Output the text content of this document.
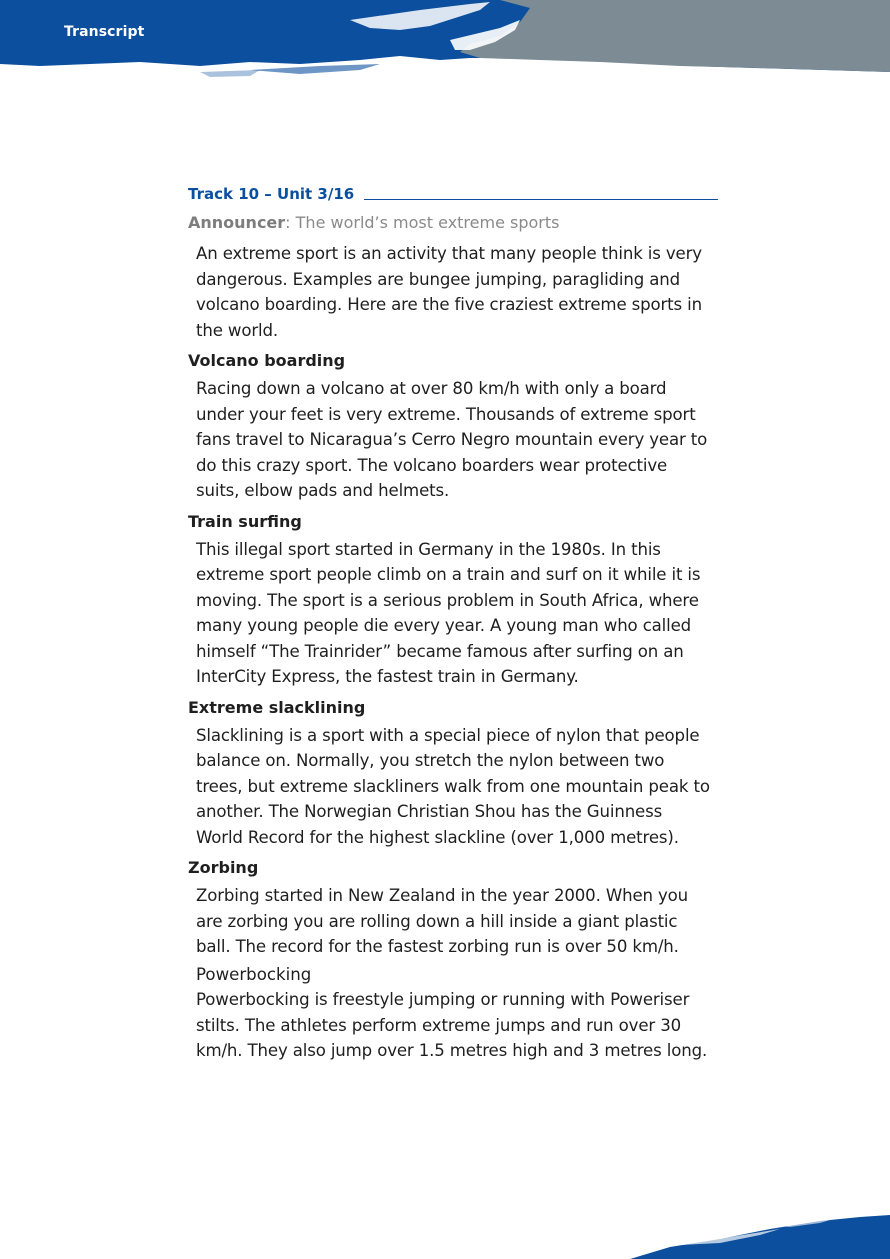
Transcript
Track 10 – Unit 3/16
Announcer: The world’s most extreme sports
An extreme sport is an activity that many people think is very dangerous. Examples are bungee jumping, paragliding and volcano boarding. Here are the five craziest extreme sports in the world.
Volcano boarding
Racing down a volcano at over 80 km/h with only a board under your feet is very extreme. Thousands of extreme sport fans travel to Nicaragua’s Cerro Negro mountain every year to do this crazy sport. The volcano boarders wear protective suits, elbow pads and helmets.
Train surfing
This illegal sport started in Germany in the 1980s. In this extreme sport people climb on a train and surf on it while it is moving. The sport is a serious problem in South Africa, where many young people die every year. A young man who called himself “The Trainrider” became famous after surfing on an InterCity Express, the fastest train in Germany.
Extreme slacklining
Slacklining is a sport with a special piece of nylon that people balance on. Normally, you stretch the nylon between two trees, but extreme slackliners walk from one mountain peak to another. The Norwegian Christian Shou has the Guinness World Record for the highest slackline (over 1,000 metres).
Zorbing
Zorbing started in New Zealand in the year 2000. When you are zorbing you are rolling down a hill inside a giant plastic ball. The record for the fastest zorbing run is over 50 km/h.
Powerbocking
Powerbocking is freestyle jumping or running with Poweriser stilts. The athletes perform extreme jumps and run over 30 km/h. They also jump over 1.5 metres high and 3 metres long.
